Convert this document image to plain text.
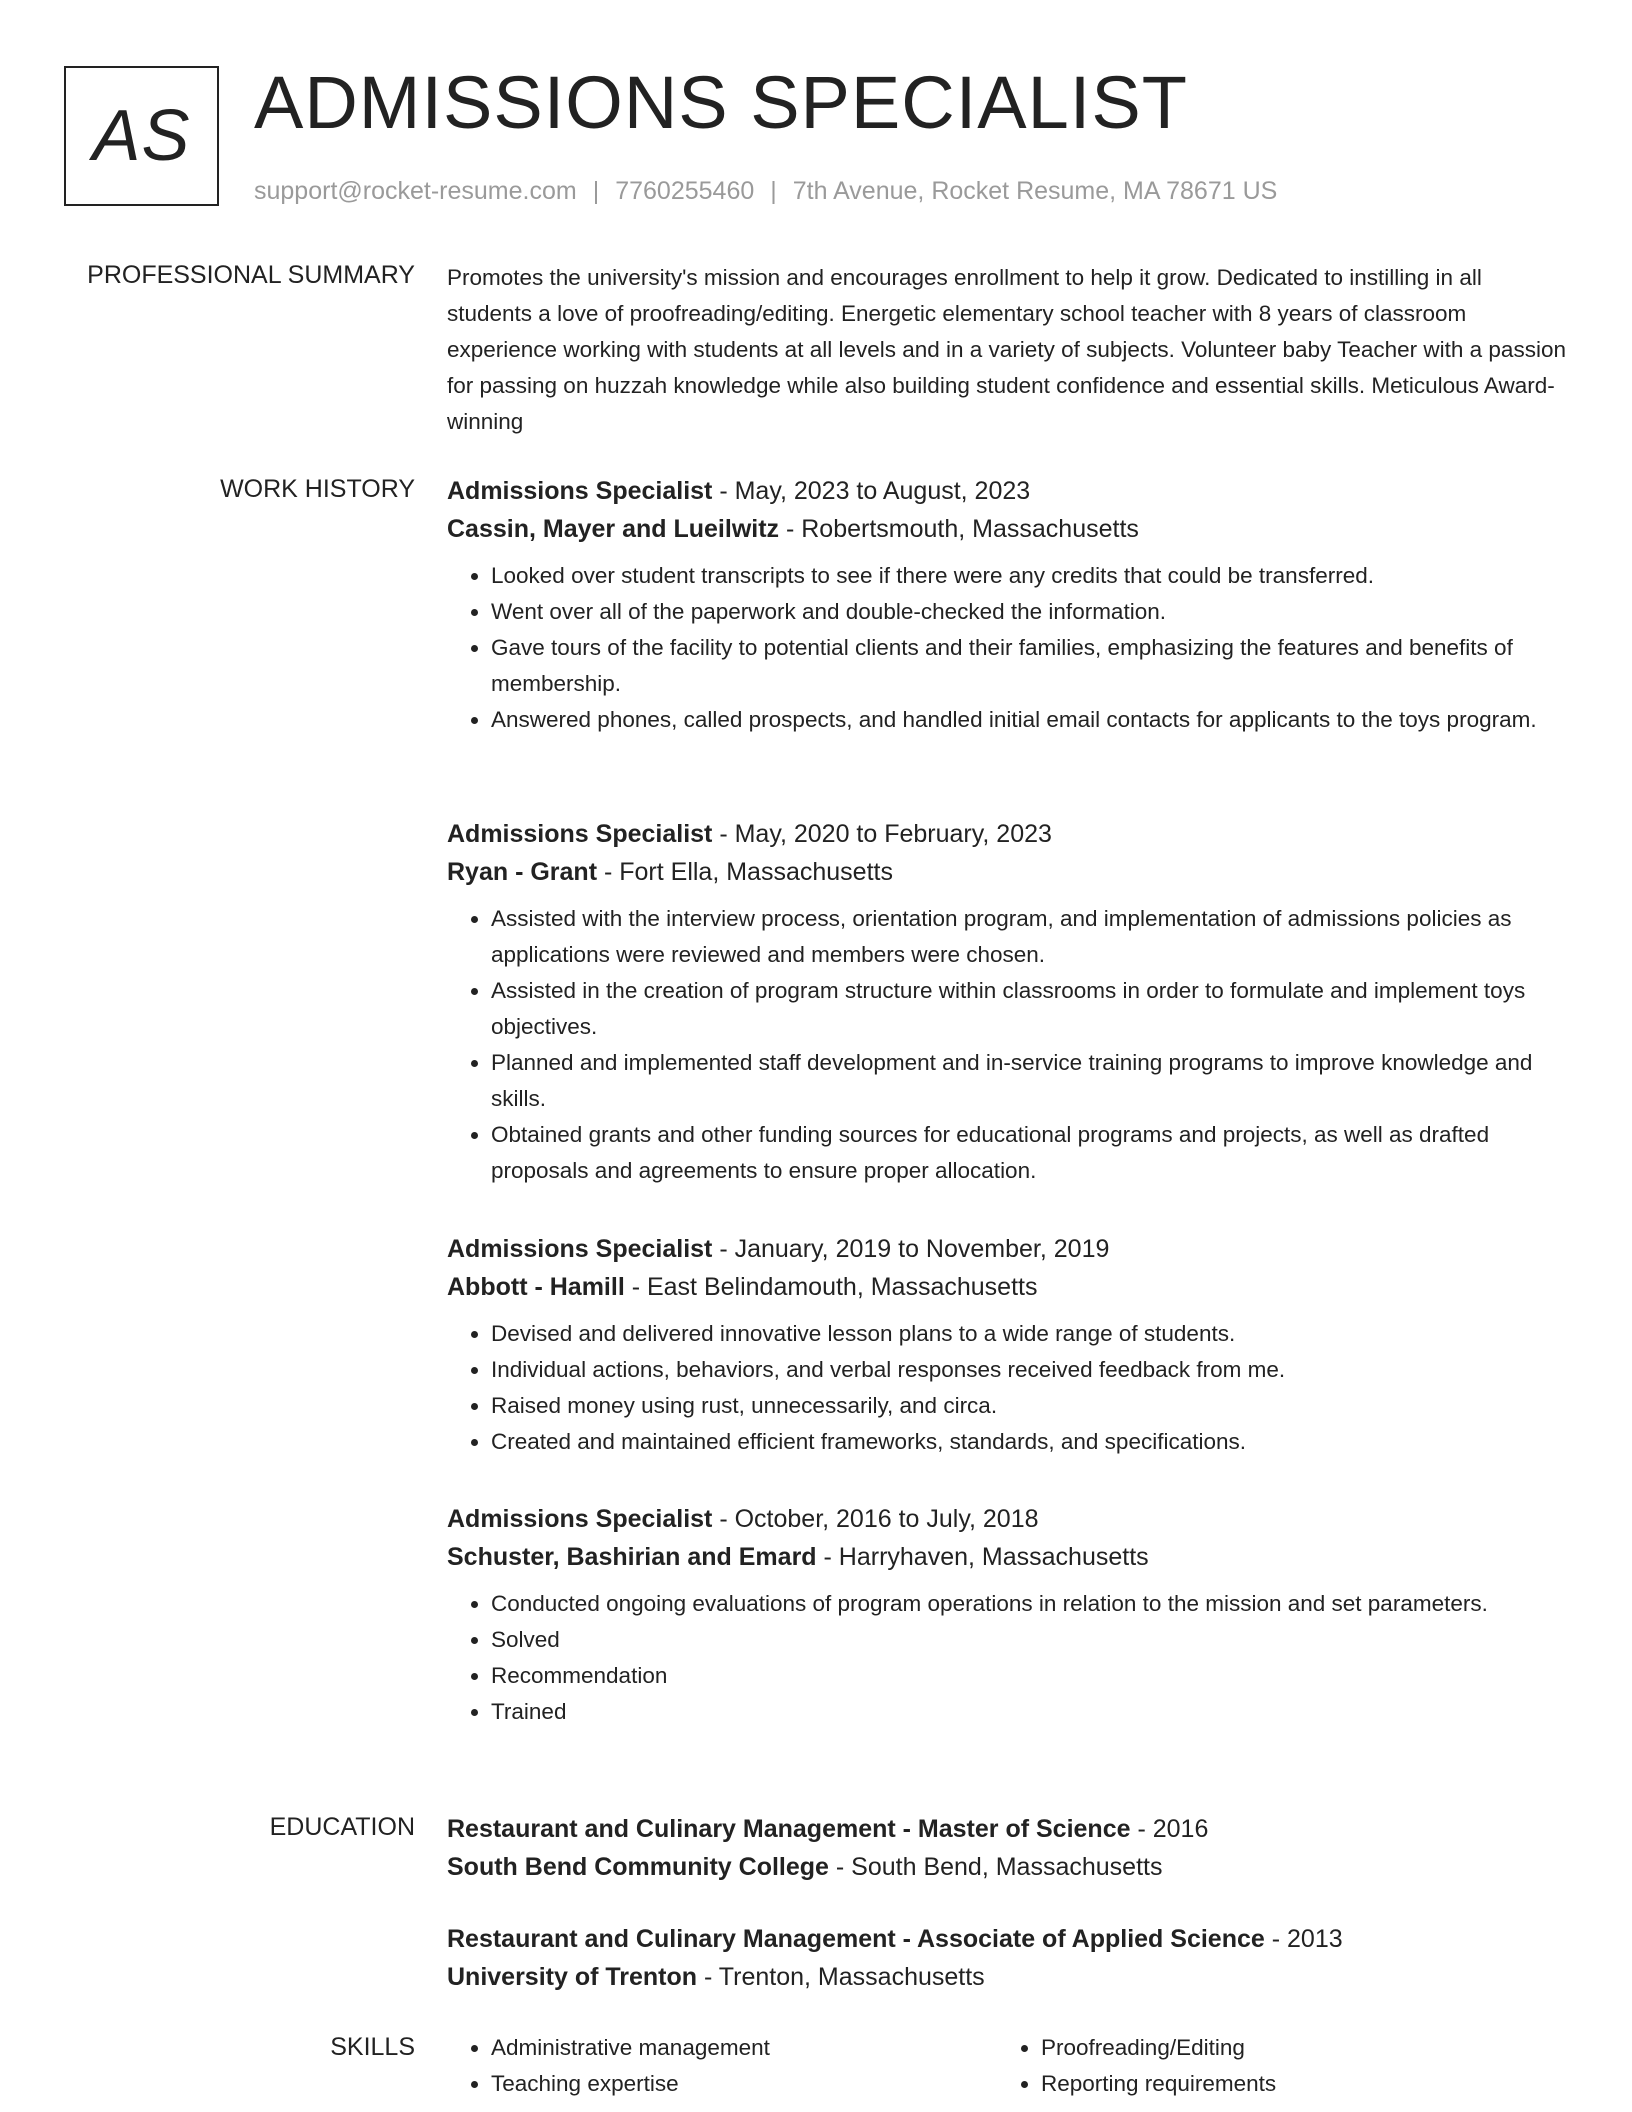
AS ADMISSIONS SPECIALIST
support@rocket-resume.com | 7760255460 | 7th Avenue, Rocket Resume, MA 78671 US
PROFESSIONAL SUMMARY Promotes the university's mission and encourages enrollment to help it grow. Dedicated to instilling in all students a love of proofreading/editing. Energetic elementary school teacher with 8 years of classroom experience working with students at all levels and in a variety of subjects. Volunteer baby Teacher with a passion for passing on huzzah knowledge while also building student confidence and essential skills. Meticulous Award-winning

WORK HISTORY Admissions Specialist - May, 2023 to August, 2023
Cassin, Mayer and Lueilwitz - Robertsmouth, Massachusetts
• Looked over student transcripts to see if there were any credits that could be transferred.
• Went over all of the paperwork and double-checked the information.
• Gave tours of the facility to potential clients and their families, emphasizing the features and benefits of membership.
• Answered phones, called prospects, and handled initial email contacts for applicants to the toys program.
Admissions Specialist - May, 2020 to February, 2023
Ryan - Grant - Fort Ella, Massachusetts
• Assisted with the interview process, orientation program, and implementation of admissions policies as applications were reviewed and members were chosen.
• Assisted in the creation of program structure within classrooms in order to formulate and implement toys objectives.
• Planned and implemented staff development and in-service training programs to improve knowledge and skills.
• Obtained grants and other funding sources for educational programs and projects, as well as drafted proposals and agreements to ensure proper allocation.
Admissions Specialist - January, 2019 to November, 2019
Abbott - Hamill - East Belindamouth, Massachusetts
• Devised and delivered innovative lesson plans to a wide range of students.
• Individual actions, behaviors, and verbal responses received feedback from me.
• Raised money using rust, unnecessarily, and circa.
• Created and maintained efficient frameworks, standards, and specifications.
Admissions Specialist - October, 2016 to July, 2018
Schuster, Bashirian and Emard - Harryhaven, Massachusetts
• Conducted ongoing evaluations of program operations in relation to the mission and set parameters.
• Solved
• Recommendation
• Trained
EDUCATION Restaurant and Culinary Management - Master of Science - 2016
South Bend Community College - South Bend, Massachusetts
Restaurant and Culinary Management - Associate of Applied Science - 2013
University of Trenton - Trenton, Massachusetts
SKILLS
•	Administrative management
• Teaching expertise
• Proofreading/Editing
• Reporting requirements
